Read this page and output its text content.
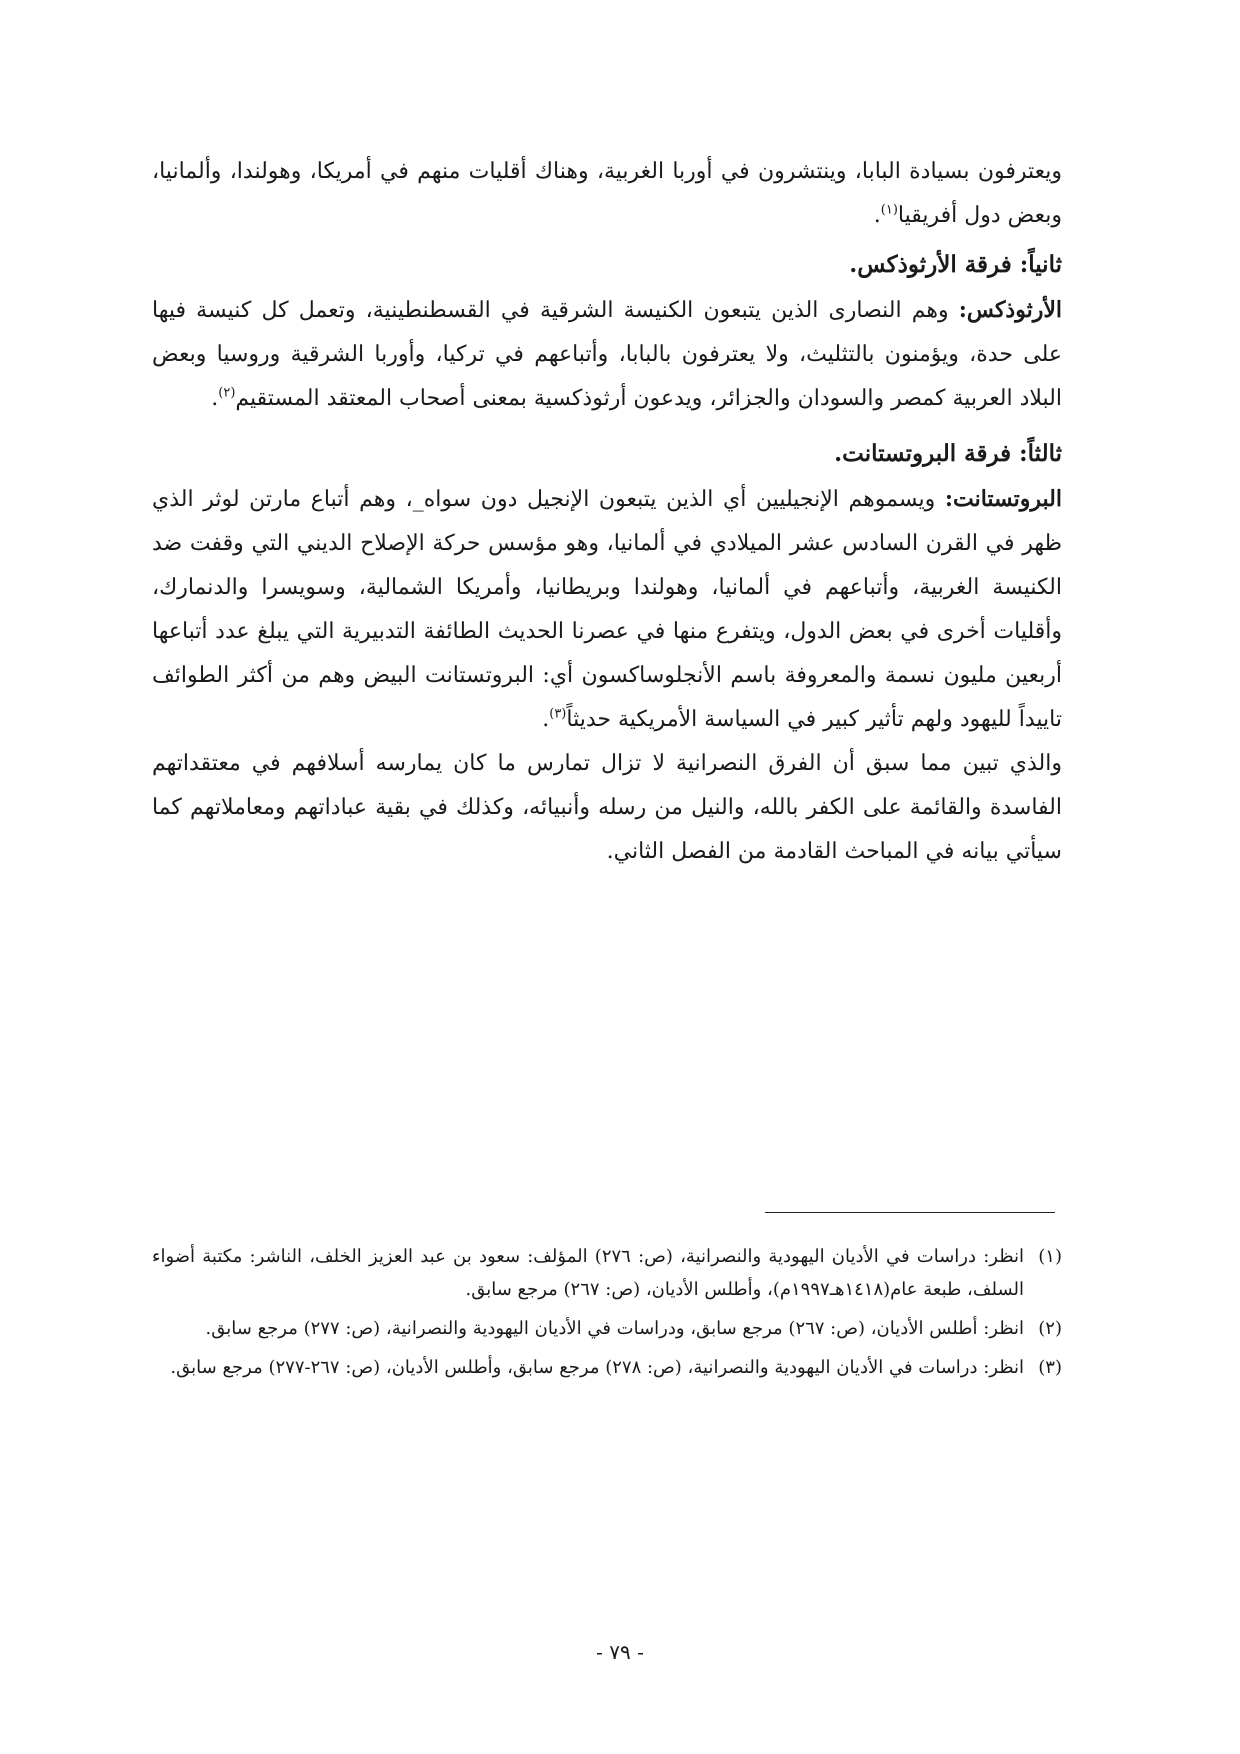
ويعترفون بسيادة البابا، وينتشرون في أوربا الغربية، وهناك أقليات منهم في أمريكا، وهولندا، وألمانيا، وبعض دول أفريقيا$^{(١)}$.

ثانياً: فرقة الأرثوذكس.

الأرثوذكس: وهم النصارى الذين يتبعون الكنيسة الشرقية في القسطنطينية، وتعمل كل كنيسة فيها على حدة، ويؤمنون بالتثليث، ولا يعترفون بالبابا، وأتباعهم في تركيا، وأوربا الشرقية وروسيا وبعض البلاد العربية كمصر والسودان والجزائر، ويدعون أرثوذكسية بمعنى أصحاب المعتقد المستقيم$^{(٢)}$.

ثالثاً: فرقة البروتستانت.

البروتستانت: ويسموهم الإنجيليين أي الذين يتبعون الإنجيل دون سواه_، وهم أتباع مارتن لوثر الذي ظهر في القرن السادس عشر الميلادي في ألمانيا، وهو مؤسس حركة الإصلاح الديني التي وقفت ضد الكنيسة الغربية، وأتباعهم في ألمانيا، وهولندا وبريطانيا، وأمريكا الشمالية، وسويسرا والدنمارك، وأقليات أخرى في بعض الدول، ويتفرع منها في عصرنا الحديث الطائفة التدبيرية التي يبلغ عدد أتباعها أربعين مليون نسمة والمعروفة باسم الأنجلوساكسون أي: البروتستانت البيض وهم من أكثر الطوائف تاييداً لليهود ولهم تأثير كبير في السياسة الأمريكية حديثاً$^{(٣)}$.

والذي تبين مما سبق أن الفرق النصرانية لا تزال تمارس ما كان يمارسه أسلافهم في معتقداتهم الفاسدة والقائمة على الكفر بالله، والنيل من رسله وأنبيائه، وكذلك في بقية عباداتهم ومعاملاتهم كما سيأتي بيانه في المباحث القادمة من الفصل الثاني.

(١)
انظر: دراسات في الأديان اليهودية والنصرانية، (ص: ٢٧٦) المؤلف: سعود بن عبد العزيز الخلف، الناشر: مكتبة أضواء السلف، طبعة عام(١٤١٨هـ١٩٩٧م)، وأطلس الأديان، (ص: ٢٦٧) مرجع سابق.

(٢)
انظر: أطلس الأديان، (ص: ٢٦٧) مرجع سابق، ودراسات في الأديان اليهودية والنصرانية، (ص: ٢٧٧) مرجع سابق.

(٣)
انظر: دراسات في الأديان اليهودية والنصرانية، (ص: ٢٧٨) مرجع سابق، وأطلس الأديان، (ص: ٢٦٧-٢٧٧) مرجع سابق.

- ٧٩ -
